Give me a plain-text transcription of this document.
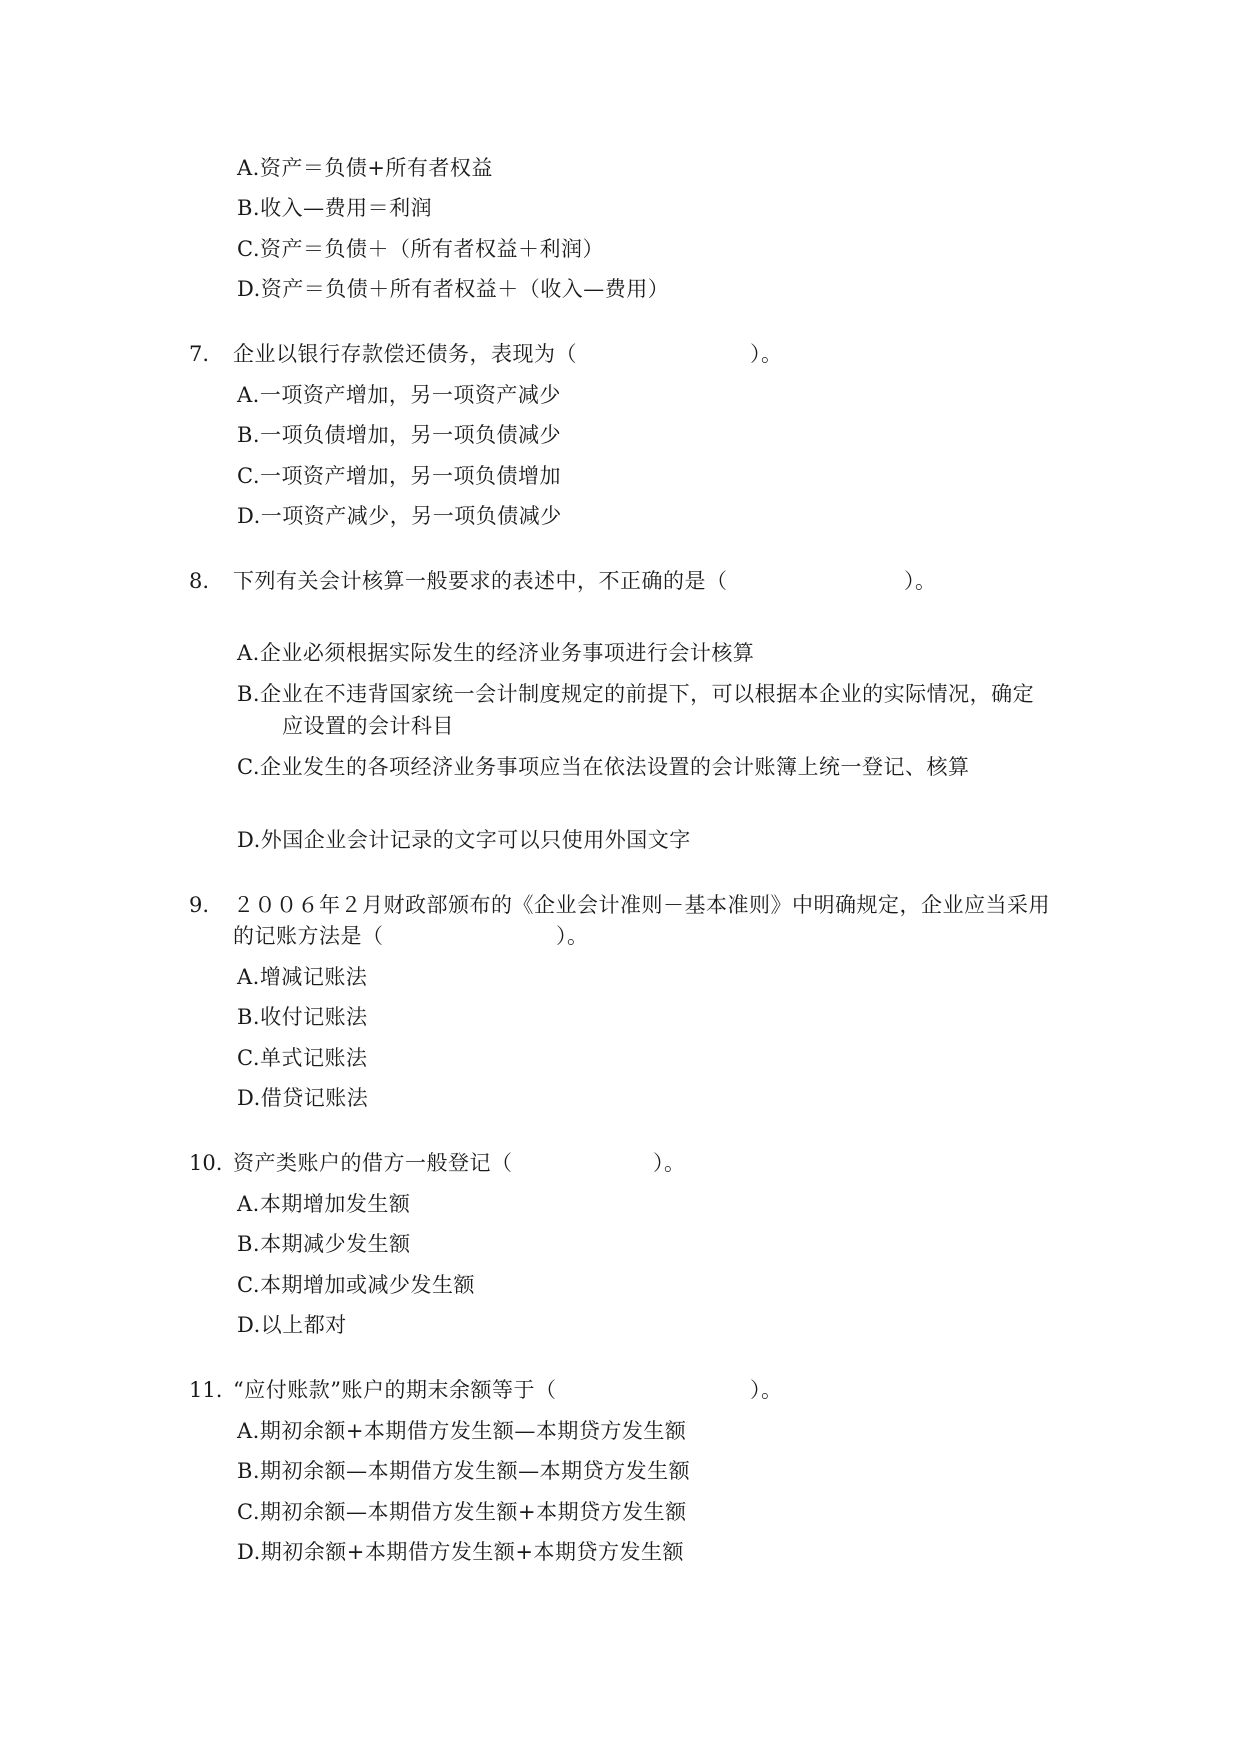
A.资产＝负债+所有者权益
B.收入—费用＝利润
C.资产＝负债＋（所有者权益＋利润）
D.资产＝负债＋所有者权益＋（收入—费用）
7. 企业以银行存款偿还债务，表现为（	）。
A.一项资产增加，另一项资产减少
B.一项负债增加，另一项负债减少
C.一项资产增加，另一项负债增加
D.一项资产减少，另一项负债减少
8. 下列有关会计核算一般要求的表述中，不正确的是（	）。
A.企业必须根据实际发生的经济业务事项进行会计核算
B.企业在不违背国家统一会计制度规定的前提下，可以根据本企业的实际情况，确定
应设置的会计科目
C.企业发生的各项经济业务事项应当在依法设置的会计账簿上统一登记、核算
D.外国企业会计记录的文字可以只使用外国文字
9. ２００６年２月财政部颁布的《企业会计准则－基本准则》中明确规定，企业应当采用
的记账方法是（	）。
A.增减记账法
B.收付记账法
C.单式记账法
D.借贷记账法
10. 资产类账户的借方一般登记（	）。
A.本期增加发生额
B.本期减少发生额
C.本期增加或减少发生额
D.以上都对
11. “应付账款”账户的期末余额等于（	）。
A.期初余额+本期借方发生额—本期贷方发生额
B.期初余额—本期借方发生额—本期贷方发生额
C.期初余额—本期借方发生额+本期贷方发生额
D.期初余额+本期借方发生额+本期贷方发生额
